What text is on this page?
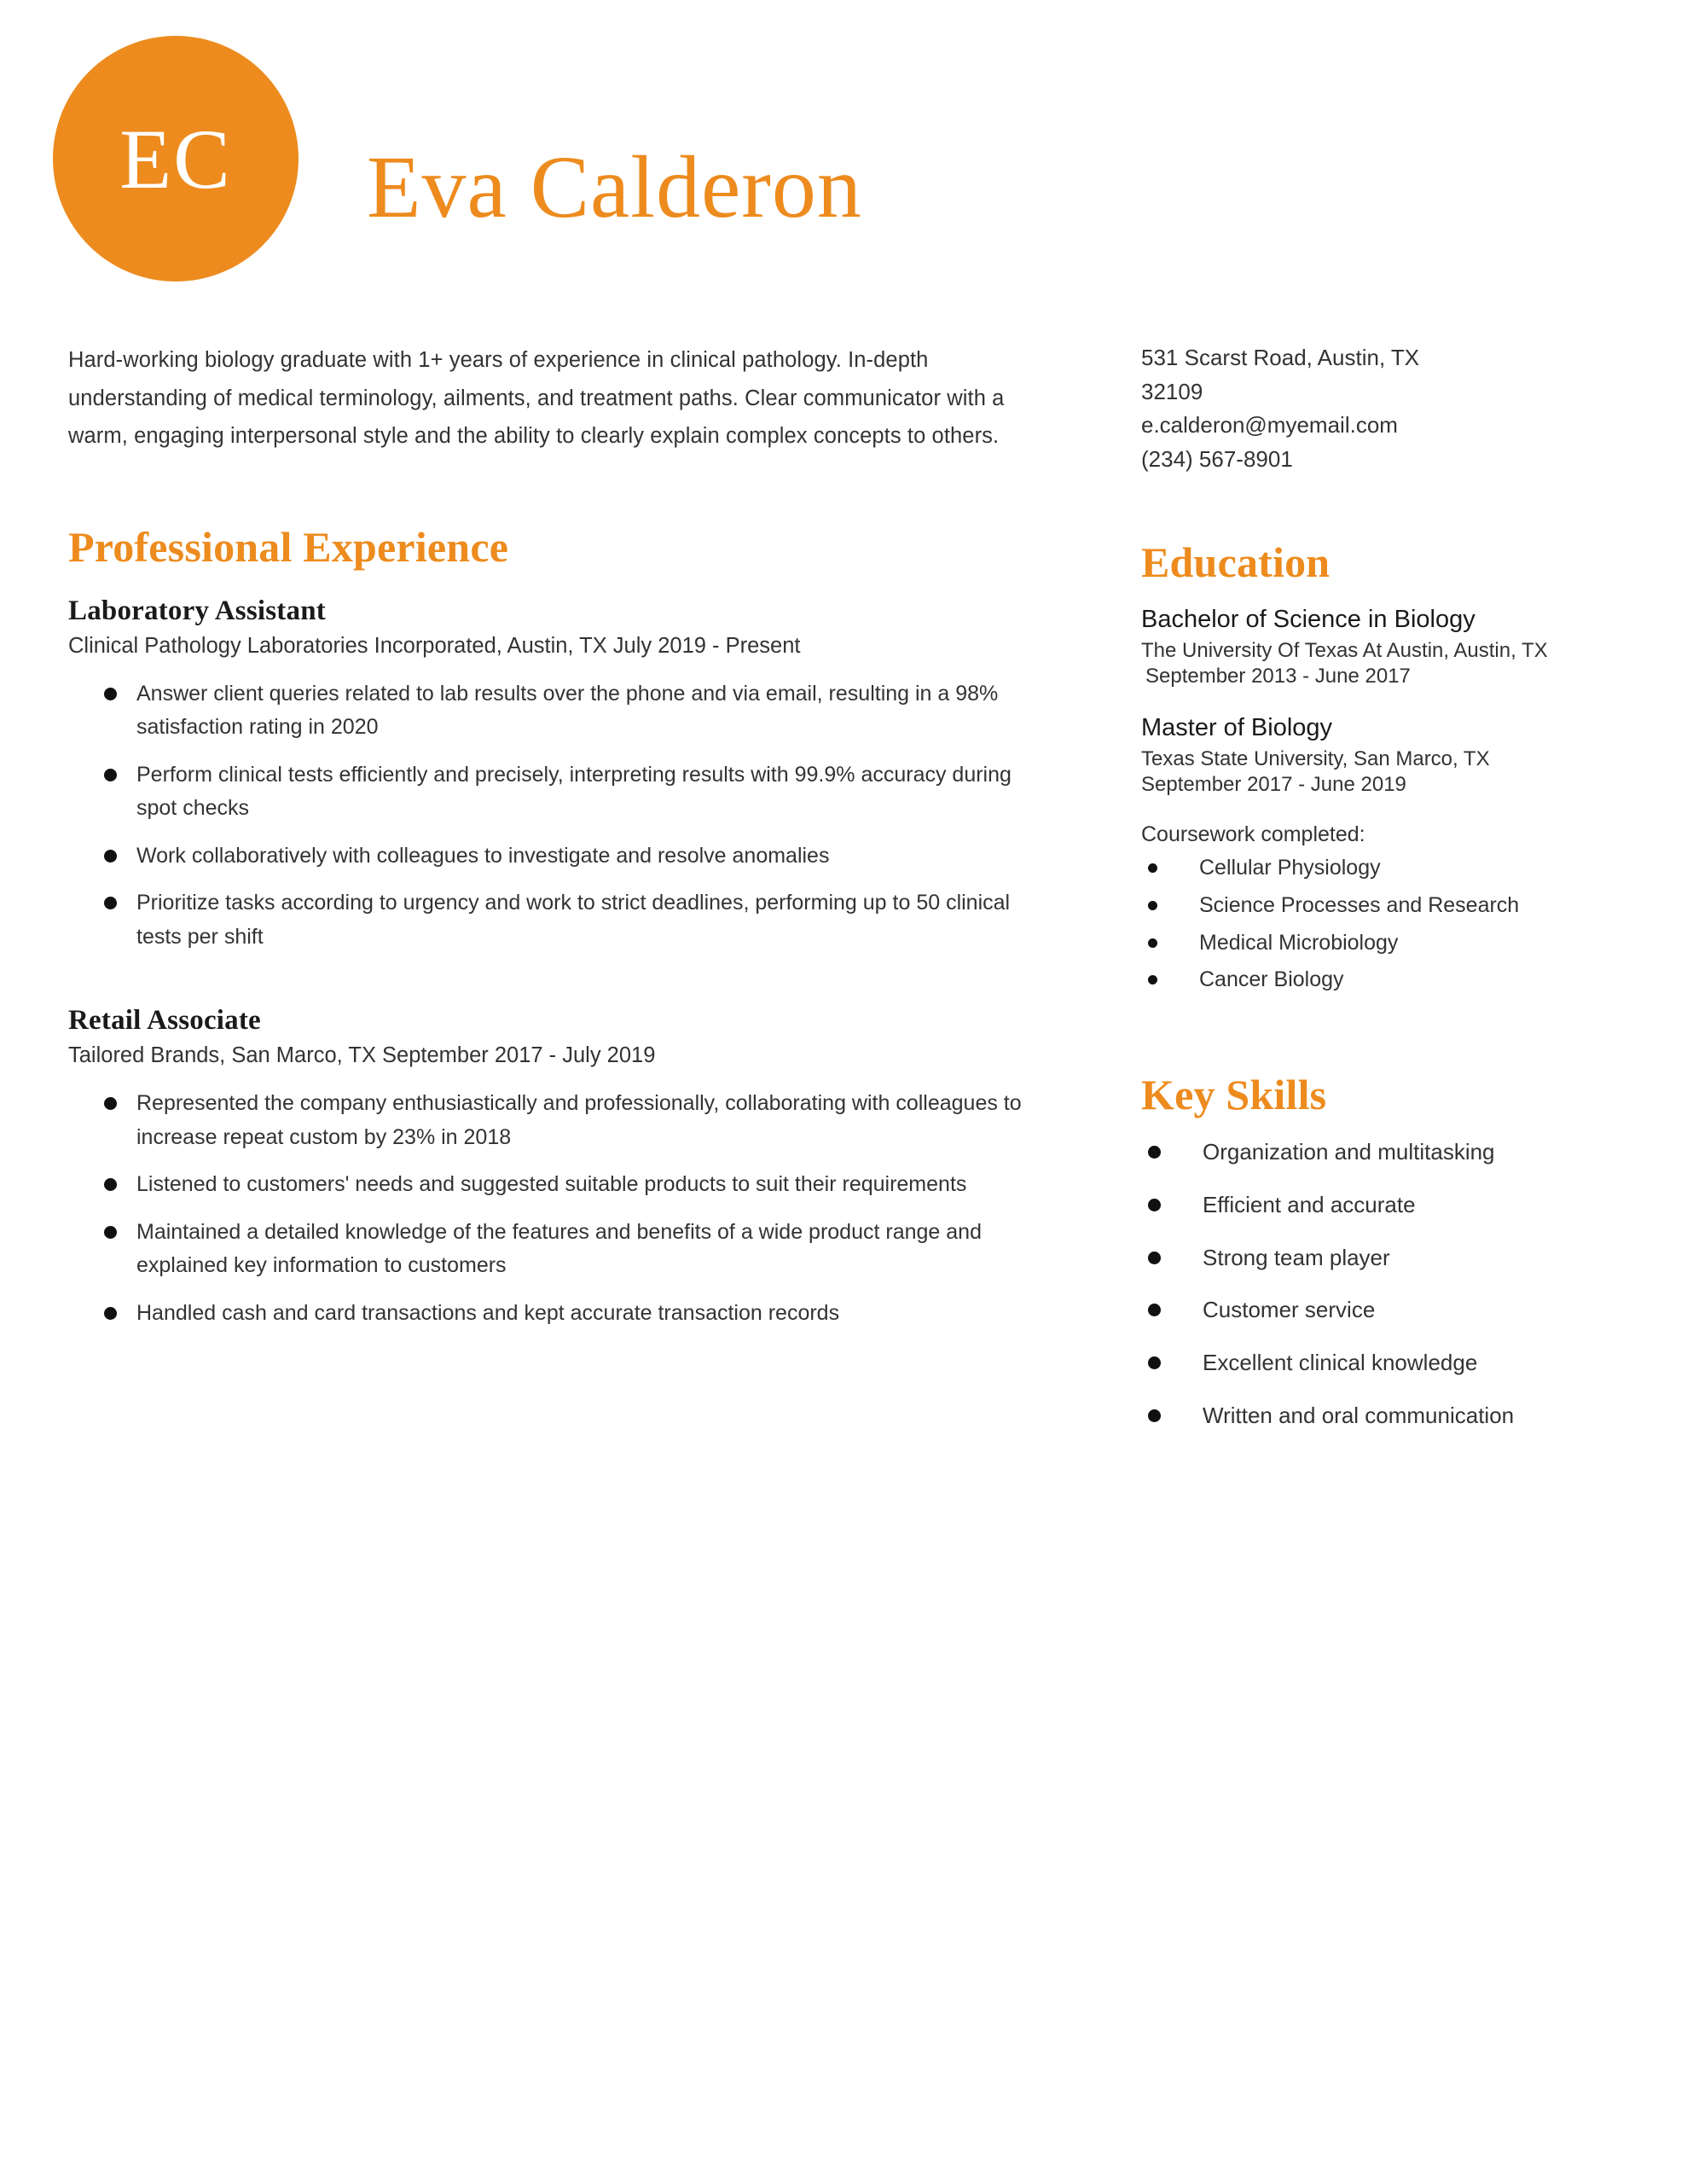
EC Eva Calderon
Hard-working biology graduate with 1+ years of experience in clinical pathology. In-depth understanding of medical terminology, ailments, and treatment paths. Clear communicator with a warm, engaging interpersonal style and the ability to clearly explain complex concepts to others.
Professional Experience
Laboratory Assistant

Clinical Pathology Laboratories Incorporated, Austin, TX July 2019 - Present

Answer client queries related to lab results over the phone and via email, resulting in a 98% satisfaction rating in 2020
Perform clinical tests efficiently and precisely, interpreting results with 99.9% accuracy during spot checks
Work collaboratively with colleagues to investigate and resolve anomalies
Prioritize tasks according to urgency and work to strict deadlines, performing up to 50 clinical tests per shift
Retail Associate

Tailored Brands, San Marco, TX September 2017 - July 2019

Represented the company enthusiastically and professionally, collaborating with colleagues to increase repeat custom by 23% in 2018
Listened to customers' needs and suggested suitable products to suit their requirements
Maintained a detailed knowledge of the features and benefits of a wide product range and explained key information to customers
Handled cash and card transactions and kept accurate transaction records
531 Scarst Road, Austin, TX
32109
e.calderon@myemail.com
(234) 567-8901
Education

Bachelor of Science in Biology

The University Of Texas At Austin, Austin, TX

September 2013 - June 2017

Master of Biology

Texas State University, San Marco, TX

September 2017 - June 2019

Coursework completed:

Cellular Physiology
Science Processes and Research
Medical Microbiology
Cancer Biology
Key Skills
Organization and multitasking
Efficient and accurate
Strong team player
Customer service
Excellent clinical knowledge
Written and oral communication
